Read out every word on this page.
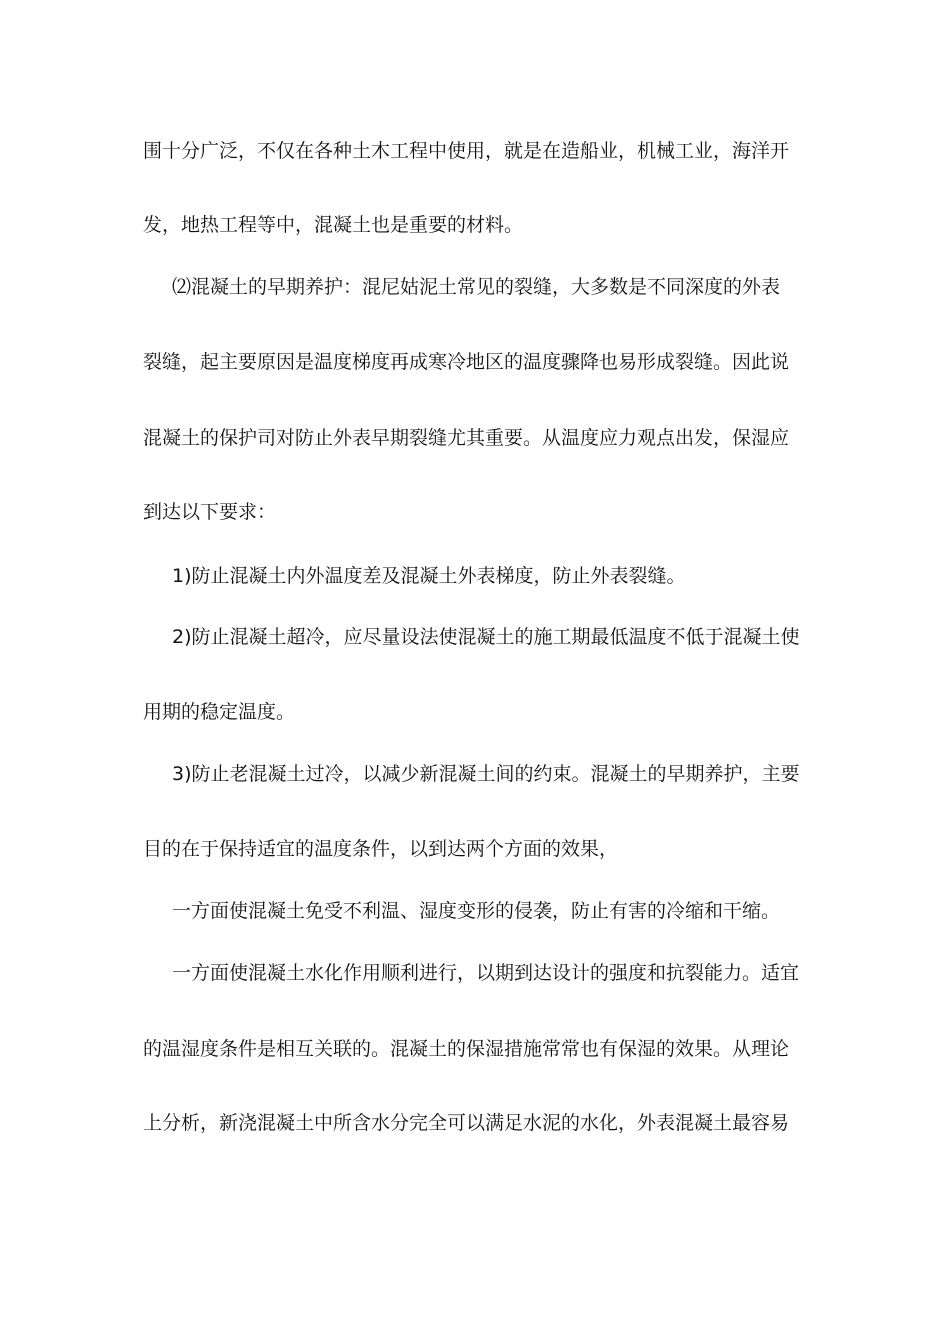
围十分广泛，不仅在各种土木工程中使用，就是在造船业，机械工业，海洋开
发，地热工程等中，混凝土也是重要的材料。
⑵混凝土的早期养护：混尼姑泥土常见的裂缝，大多数是不同深度的外表
裂缝，起主要原因是温度梯度再成寒冷地区的温度骤降也易形成裂缝。因此说
混凝土的保护司对防止外表早期裂缝尤其重要。从温度应力观点出发，保湿应
到达以下要求：
1)防止混凝土内外温度差及混凝土外表梯度，防止外表裂缝。
2)防止混凝土超冷，应尽量设法使混凝土的施工期最低温度不低于混凝土使
用期的稳定温度。
3)防止老混凝土过冷，以减少新混凝土间的约束。混凝土的早期养护，主要
目的在于保持适宜的温度条件，以到达两个方面的效果，
一方面使混凝土免受不利温、湿度变形的侵袭，防止有害的冷缩和干缩。
一方面使混凝土水化作用顺利进行，以期到达设计的强度和抗裂能力。适宜
的温湿度条件是相互关联的。混凝土的保湿措施常常也有保湿的效果。从理论
上分析，新浇混凝土中所含水分完全可以满足水泥的水化，外表混凝土最容易
